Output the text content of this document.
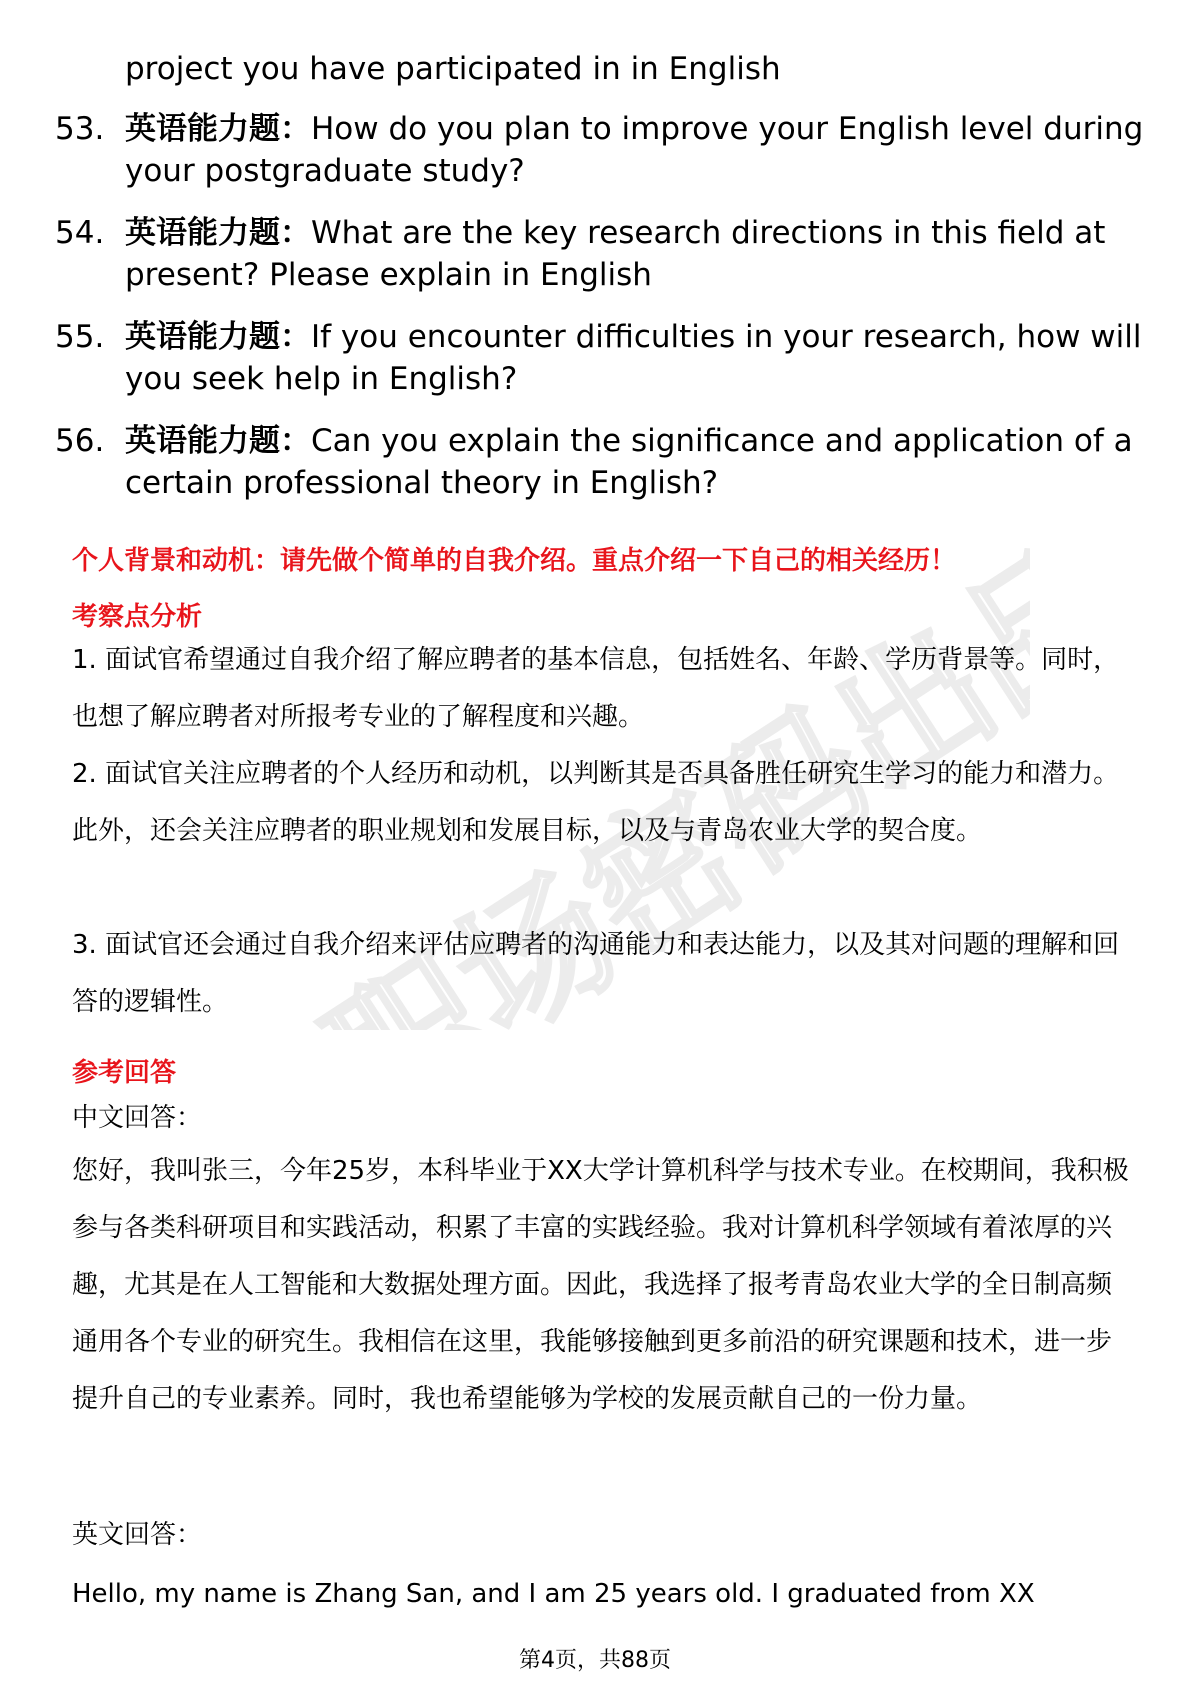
职场密码出品
project you have participated in in English
53. 英语能力题：How do you plan to improve your English level during your postgraduate study?
54. 英语能力题：What are the key research directions in this field at present? Please explain in English
55. 英语能力题：If you encounter difficulties in your research, how will you seek help in English?
56. 英语能力题：Can you explain the significance and application of a certain professional theory in English?
个人背景和动机：请先做个简单的自我介绍。重点介绍一下自己的相关经历！
考察点分析
1. 面试官希望通过自我介绍了解应聘者的基本信息，包括姓名、年龄、学历背景等。同时，也想了解应聘者对所报考专业的了解程度和兴趣。
2. 面试官关注应聘者的个人经历和动机，以判断其是否具备胜任研究生学习的能力和潜力。此外，还会关注应聘者的职业规划和发展目标，以及与青岛农业大学的契合度。
3. 面试官还会通过自我介绍来评估应聘者的沟通能力和表达能力，以及其对问题的理解和回答的逻辑性。
参考回答
中文回答：
您好，我叫张三，今年25岁，本科毕业于XX大学计算机科学与技术专业。在校期间，我积极参与各类科研项目和实践活动，积累了丰富的实践经验。我对计算机科学领域有着浓厚的兴趣，尤其是在人工智能和大数据处理方面。因此，我选择了报考青岛农业大学的全日制高频通用各个专业的研究生。我相信在这里，我能够接触到更多前沿的研究课题和技术，进一步提升自己的专业素养。同时，我也希望能够为学校的发展贡献自己的一份力量。
英文回答：
Hello, my name is Zhang San, and I am 25 years old. I graduated from XX
第4页，共88页
